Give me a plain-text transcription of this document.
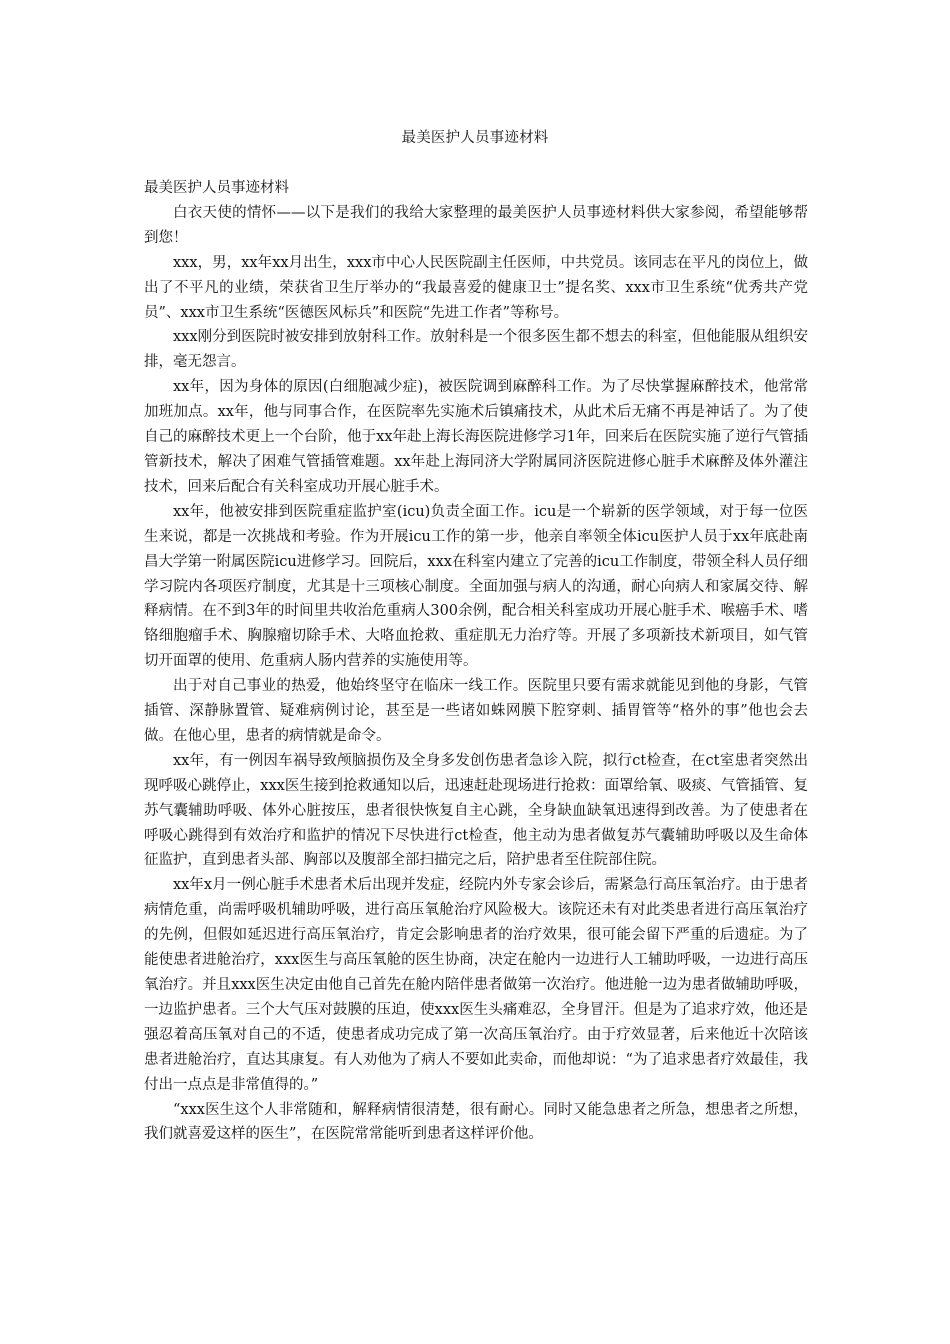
最美医护人员事迹材料

最美医护人员事迹材料

白衣天使的情怀——以下是我们的我给大家整理的最美医护人员事迹材料供大家参阅，希望能够帮到您！

xxx，男，xx年xx月出生，xxx市中心人民医院副主任医师，中共党员。该同志在平凡的岗位上，做出了不平凡的业绩，荣获省卫生厅举办的“我最喜爱的健康卫士”提名奖、xxx市卫生系统“优秀共产党员”、xxx市卫生系统“医德医风标兵”和医院“先进工作者”等称号。

xxx刚分到医院时被安排到放射科工作。放射科是一个很多医生都不想去的科室，但他能服从组织安排，毫无怨言。

xx年，因为身体的原因(白细胞减少症)，被医院调到麻醉科工作。为了尽快掌握麻醉技术，他常常加班加点。xx年，他与同事合作，在医院率先实施术后镇痛技术，从此术后无痛不再是神话了。为了使自己的麻醉技术更上一个台阶，他于xx年赴上海长海医院进修学习1年，回来后在医院实施了逆行气管插管新技术，解决了困难气管插管难题。xx年赴上海同济大学附属同济医院进修心脏手术麻醉及体外灌注技术，回来后配合有关科室成功开展心脏手术。

xx年，他被安排到医院重症监护室(icu)负责全面工作。icu是一个崭新的医学领域，对于每一位医生来说，都是一次挑战和考验。作为开展icu工作的第一步，他亲自率领全体icu医护人员于xx年底赴南昌大学第一附属医院icu进修学习。回院后，xxx在科室内建立了完善的icu工作制度，带领全科人员仔细学习院内各项医疗制度，尤其是十三项核心制度。全面加强与病人的沟通，耐心向病人和家属交待、解释病情。在不到3年的时间里共收治危重病人300余例，配合相关科室成功开展心脏手术、喉癌手术、嗜铬细胞瘤手术、胸腺瘤切除手术、大咯血抢救、重症肌无力治疗等。开展了多项新技术新项目，如气管切开面罩的使用、危重病人肠内营养的实施使用等。

出于对自己事业的热爱，他始终坚守在临床一线工作。医院里只要有需求就能见到他的身影，气管插管、深静脉置管、疑难病例讨论，甚至是一些诸如蛛网膜下腔穿刺、插胃管等“格外的事”他也会去做。在他心里，患者的病情就是命令。

xx年，有一例因车祸导致颅脑损伤及全身多发创伤患者急诊入院，拟行ct检查，在ct室患者突然出现呼吸心跳停止，xxx医生接到抢救通知以后，迅速赶赴现场进行抢救：面罩给氧、吸痰、气管插管、复苏气囊辅助呼吸、体外心脏按压，患者很快恢复自主心跳，全身缺血缺氧迅速得到改善。为了使患者在呼吸心跳得到有效治疗和监护的情况下尽快进行ct检查，他主动为患者做复苏气囊辅助呼吸以及生命体征监护，直到患者头部、胸部以及腹部全部扫描完之后，陪护患者至住院部住院。

xx年x月一例心脏手术患者术后出现并发症，经院内外专家会诊后，需紧急行高压氧治疗。由于患者病情危重，尚需呼吸机辅助呼吸，进行高压氧舱治疗风险极大。该院还未有对此类患者进行高压氧治疗的先例，但假如延迟进行高压氧治疗，肯定会影响患者的治疗效果，很可能会留下严重的后遗症。为了能使患者进舱治疗，xxx医生与高压氧舱的医生协商，决定在舱内一边进行人工辅助呼吸，一边进行高压氧治疗。并且xxx医生决定由他自己首先在舱内陪伴患者做第一次治疗。他进舱一边为患者做辅助呼吸，一边监护患者。三个大气压对鼓膜的压迫，使xxx医生头痛难忍，全身冒汗。但是为了追求疗效，他还是强忍着高压氧对自己的不适，使患者成功完成了第一次高压氧治疗。由于疗效显著，后来他近十次陪该患者进舱治疗，直达其康复。有人劝他为了病人不要如此卖命，而他却说：“为了追求患者疗效最佳，我付出一点点是非常值得的。”

“xxx医生这个人非常随和，解释病情很清楚，很有耐心。同时又能急患者之所急，想患者之所想，我们就喜爱这样的医生”，在医院常常能听到患者这样评价他。
